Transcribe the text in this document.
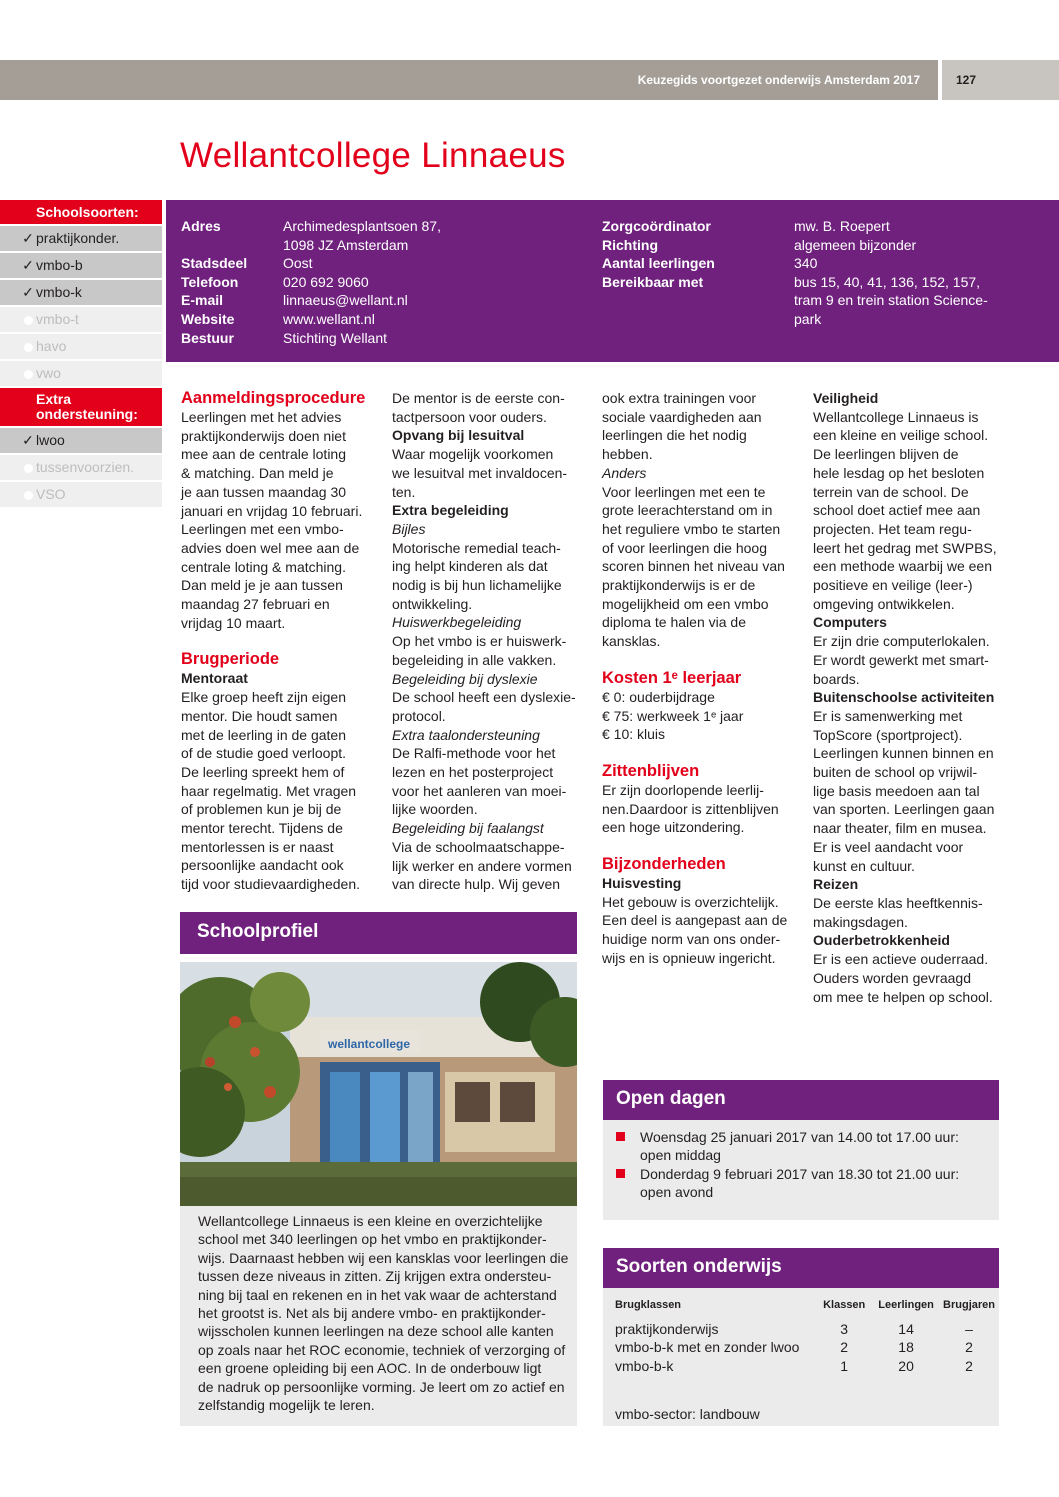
Keuzegids voortgezet onderwijs Amsterdam 2017	127
Wellantcollege Linnaeus
Schoolsoorten:
✓ praktijkonder.
✓ vmbo-b
✓ vmbo-k
vmbo-t
havo
vwo
Extra ondersteuning:
✓ lwoo
tussenvoorzien.
VSO
Adres	Archimedesplantsoen 87,
1098 JZ Amsterdam
Stadsdeel	Oost
Telefoon	020 692 9060
E-mail	linnaeus@wellant.nl
Website	www.wellant.nl
Bestuur	Stichting Wellant
Zorgcoördinator	mw. B. Roepert
Richting	algemeen bijzonder
Aantal leerlingen	340
Bereikbaar met	bus 15, 40, 41, 136, 152, 157,
tram 9 en trein station Science-
park

Aanmeldingsprocedure

Leerlingen met het advies

praktijkonderwijs doen niet

mee aan de centrale loting

& matching. Dan meld je

je aan tussen maandag 30

januari en vrijdag 10 februari.

Leerlingen met een vmbo-

advies doen wel mee aan de

centrale loting & matching.

Dan meld je je aan tussen

maandag 27 februari en

vrijdag 10 maart.

Brugperiode

Mentoraat

Elke groep heeft zijn eigen

mentor. Die houdt samen

met de leerling in de gaten

of de studie goed verloopt.

De leerling spreekt hem of

haar regelmatig. Met vragen

of problemen kun je bij de

mentor terecht. Tijdens de

mentorlessen is er naast

persoonlijke aandacht ook

tijd voor studievaardigheden.

De mentor is de eerste con-

tactpersoon voor ouders.

Opvang bij lesuitval

Waar mogelijk voorkomen

we lesuitval met invaldocen-

ten.

Extra begeleiding

Bijles

Motorische remedial teach-

ing helpt kinderen als dat

nodig is bij hun lichamelijke

ontwikkeling.

Huiswerkbegeleiding

Op het vmbo is er huiswerk-

begeleiding in alle vakken.

Begeleiding bij dyslexie

De school heeft een dyslexie-

protocol.

Extra taalondersteuning

De Ralfi-methode voor het

lezen en het posterproject

voor het aanleren van moei-

lijke woorden.

Begeleiding bij faalangst

Via de schoolmaatschappe-

lijk werker en andere vormen

van directe hulp. Wij geven

ook extra trainingen voor

sociale vaardigheden aan

leerlingen die het nodig

hebben.

Anders

Voor leerlingen met een te

grote leerachterstand om in

het reguliere vmbo te starten

of voor leerlingen die hoog

scoren binnen het niveau van

praktijkonderwijs is er de

mogelijkheid om een vmbo

diploma te halen via de

kansklas.

Kosten 1ᵉ leerjaar

€ 0: ouderbijdrage

€ 75: werkweek 1ᵉ jaar

€ 10: kluis

Zittenblijven

Er zijn doorlopende leerlij-

nen.Daardoor is zittenblijven

een hoge uitzondering.

Bijzonderheden

Huisvesting

Het gebouw is overzichtelijk.

Een deel is aangepast aan de

huidige norm van ons onder-

wijs en is opnieuw ingericht.

Veiligheid

Wellantcollege Linnaeus is

een kleine en veilige school.

De leerlingen blijven de

hele lesdag op het besloten

terrein van de school. De

school doet actief mee aan

projecten. Het team regu-

leert het gedrag met SWPBS,

een methode waarbij we een

positieve en veilige (leer-)

omgeving ontwikkelen.

Computers

Er zijn drie computerlokalen.

Er wordt gewerkt met smart-

boards.

Buitenschoolse activiteiten

Er is samenwerking met

TopScore (sportproject).

Leerlingen kunnen binnen en

buiten de school op vrijwil-

lige basis meedoen aan tal

van sporten. Leerlingen gaan

naar theater, film en musea.

Er is veel aandacht voor

kunst en cultuur.

Reizen

De eerste klas heeftkennis-

makingsdagen.

Ouderbetrokkenheid

Er is een actieve ouderraad.

Ouders worden gevraagd

om mee te helpen op school.

Schoolprofiel
wellantcollege

Wellantcollege Linnaeus is een kleine en overzichtelijke

school met 340 leerlingen op het vmbo en praktijkonder-

wijs. Daarnaast hebben wij een kansklas voor leerlingen die

tussen deze niveaus in zitten. Zij krijgen extra ondersteu-

ning bij taal en rekenen en in het vak waar de achterstand

het grootst is. Net als bij andere vmbo- en praktijkonder-

wijsscholen kunnen leerlingen na deze school alle kanten

op zoals naar het ROC economie, techniek of verzorging of

een groene opleiding bij een AOC. In de onderbouw ligt

de nadruk op persoonlijke vorming. Je leert om zo actief en

zelfstandig mogelijk te leren.

Open dagen
Woensdag 25 januari 2017 van 14.00 tot 17.00 uur:
open middag
Donderdag 9 februari 2017 van 18.30 tot 21.00 uur:
open avond
Soorten onderwijs
Brugklassen	Klassen	Leerlingen	Brugjaren
praktijkonderwijs	3	14	–
vmbo-b-k met en zonder lwoo	2	18	2
vmbo-b-k	1	20	2
vmbo-sector: landbouw
